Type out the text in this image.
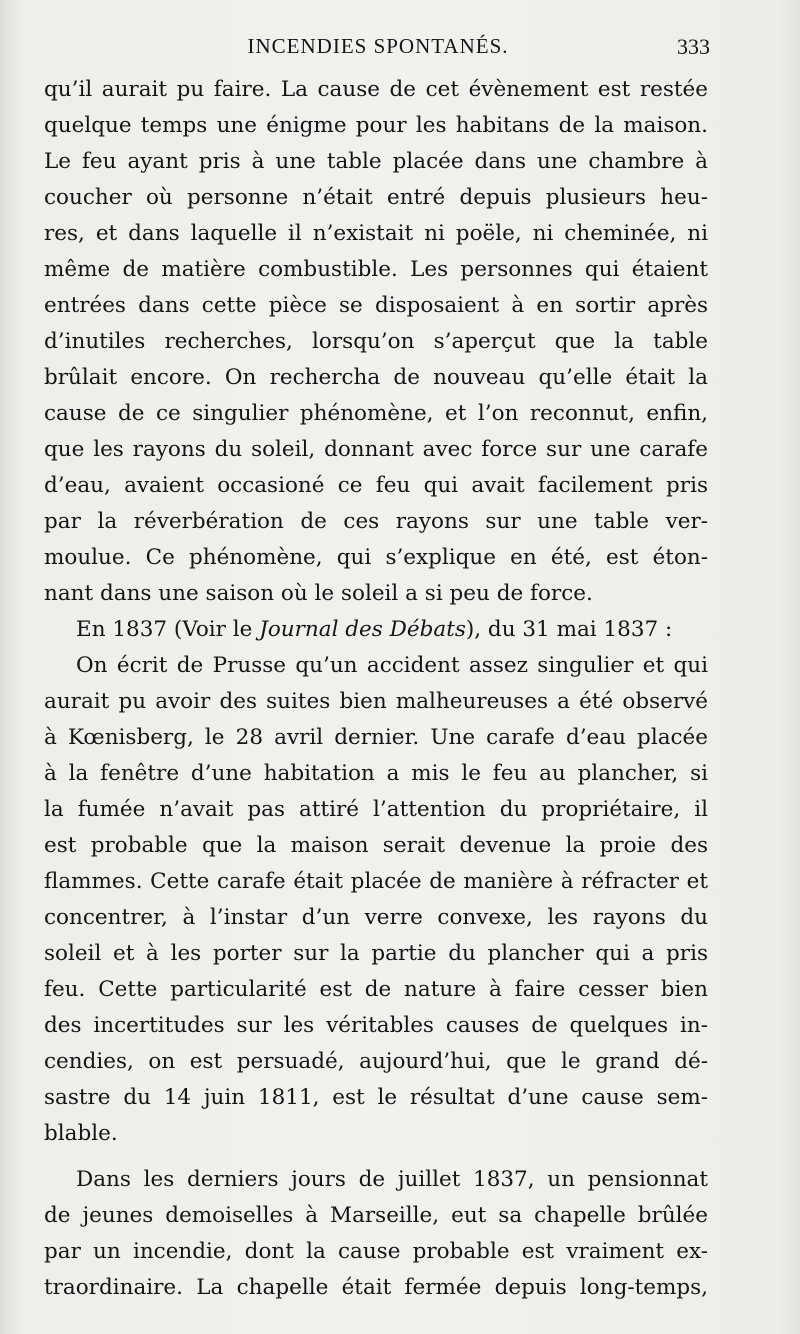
INCENDIES SPONTANÉS.	333
qu’il aurait pu faire. La cause de cet évènement est restée
quelque temps une énigme pour les habitans de la maison.
Le feu ayant pris à une table placée dans une chambre à
coucher où personne n’était entré depuis plusieurs heu-
res, et dans laquelle il n’existait ni poële, ni cheminée, ni
même de matière combustible. Les personnes qui étaient
entrées dans cette pièce se disposaient à en sortir après
d’inutiles recherches, lorsqu’on s’aperçut que la table
brûlait encore. On rechercha de nouveau qu’elle était la
cause de ce singulier phénomène, et l’on reconnut, enfin,
que les rayons du soleil, donnant avec force sur une carafe
d’eau, avaient occasioné ce feu qui avait facilement pris
par la réverbération de ces rayons sur une table ver-
moulue. Ce phénomène, qui s’explique en été, est éton-
nant dans une saison où le soleil a si peu de force.
En 1837 (Voir le Journal des Débats), du 31 mai 1837 :
On écrit de Prusse qu’un accident assez singulier et qui
aurait pu avoir des suites bien malheureuses a été observé
à Kœnisberg, le 28 avril dernier. Une carafe d’eau placée
à la fenêtre d’une habitation a mis le feu au plancher, si
la fumée n’avait pas attiré l’attention du propriétaire, il
est probable que la maison serait devenue la proie des
flammes. Cette carafe était placée de manière à réfracter et
concentrer, à l’instar d’un verre convexe, les rayons du
soleil et à les porter sur la partie du plancher qui a pris
feu. Cette particularité est de nature à faire cesser bien
des incertitudes sur les véritables causes de quelques in-
cendies, on est persuadé, aujourd’hui, que le grand dé-
sastre du 14 juin 1811, est le résultat d’une cause sem-
blable.
Dans les derniers jours de juillet 1837, un pensionnat
de jeunes demoiselles à Marseille, eut sa chapelle brûlée
par un incendie, dont la cause probable est vraiment ex-
traordinaire. La chapelle était fermée depuis long-temps,
